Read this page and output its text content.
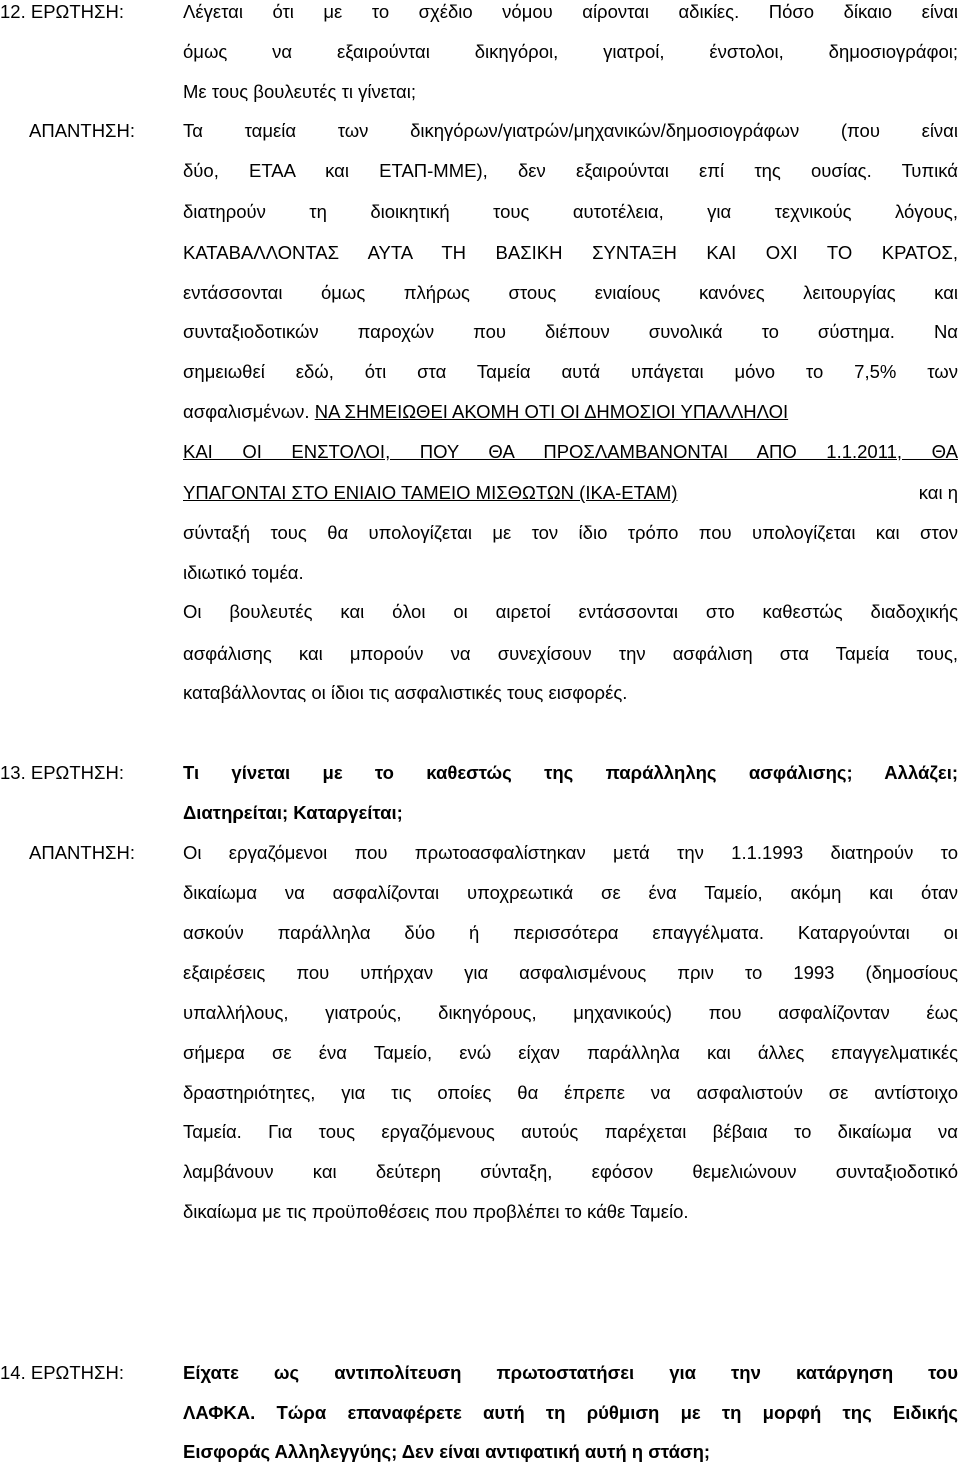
12. ΕΡΩΤΗΣΗ:	Λέγεται ότι με το σχέδιο νόμου αίρονται αδικίες. Πόσο δίκαιο είναι
όμως να εξαιρούνται δικηγόροι, γιατροί, ένστολοι, δημοσιογράφοι;
Με τους βουλευτές τι γίνεται;
ΑΠΑΝΤΗΣΗ:	Τα ταμεία των δικηγόρων/γιατρών/μηχανικών/δημοσιογράφων (που είναι
δύο, ΕΤΑΑ και ΕΤΑΠ-ΜΜΕ), δεν εξαιρούνται επί της ουσίας. Τυπικά
διατηρούν τη διοικητική τους αυτοτέλεια, για τεχνικούς λόγους,
ΚΑΤΑΒΑΛΛΟΝΤΑΣ ΑΥΤΑ ΤΗ ΒΑΣΙΚΗ ΣΥΝΤΑΞΗ ΚΑΙ ΟΧΙ ΤΟ ΚΡΑΤΟΣ,
εντάσσονται όμως πλήρως στους ενιαίους κανόνες λειτουργίας και
συνταξιοδοτικών παροχών που διέπουν συνολικά το σύστημα. Να
σημειωθεί εδώ, ότι στα Ταμεία αυτά υπάγεται μόνο το 7,5% των
ασφαλισμένων. ΝΑ ΣΗΜΕΙΩΘΕΙ ΑΚΟΜΗ ΟΤΙ ΟΙ ΔΗΜΟΣΙΟΙ ΥΠΑΛΛΗΛΟΙ
ΚΑΙ ΟΙ ΕΝΣΤΟΛΟΙ, ΠΟΥ ΘΑ ΠΡΟΣΛΑΜΒΑΝΟΝΤΑΙ ΑΠΟ 1.1.2011, ΘΑ
ΥΠΑΓΟΝΤΑΙ ΣΤΟ ΕΝΙΑΙΟ ΤΑΜΕΙΟ ΜΙΣΘΩΤΩΝ (ΙΚΑ-ΕΤΑΜ)	και η
σύνταξή τους θα υπολογίζεται με τον ίδιο τρόπο που υπολογίζεται και στον
ιδιωτικό τομέα.
Οι βουλευτές και όλοι οι αιρετοί εντάσσονται στο καθεστώς διαδοχικής
ασφάλισης και μπορούν να συνεχίσουν την ασφάλιση στα Ταμεία τους,
καταβάλλοντας οι ίδιοι τις ασφαλιστικές τους εισφορές.
13. ΕΡΩΤΗΣΗ:	Τι γίνεται με το καθεστώς της παράλληλης ασφάλισης; Αλλάζει;
Διατηρείται; Καταργείται;
ΑΠΑΝΤΗΣΗ:	Οι εργαζόμενοι που πρωτοασφαλίστηκαν μετά την 1.1.1993 διατηρούν το
δικαίωμα να ασφαλίζονται υποχρεωτικά σε ένα Ταμείο, ακόμη και όταν
ασκούν παράλληλα δύο ή περισσότερα επαγγέλματα. Καταργούνται οι
εξαιρέσεις που υπήρχαν για ασφαλισμένους πριν το 1993 (δημοσίους
υπαλλήλους, γιατρούς, δικηγόρους, μηχανικούς) που ασφαλίζονταν έως
σήμερα σε ένα Ταμείο, ενώ είχαν παράλληλα και άλλες επαγγελματικές
δραστηριότητες, για τις οποίες θα έπρεπε να ασφαλιστούν σε αντίστοιχο
Ταμεία. Για τους εργαζόμενους αυτούς παρέχεται βέβαια το δικαίωμα να
λαμβάνουν και δεύτερη σύνταξη, εφόσον θεμελιώνουν συνταξιοδοτικό
δικαίωμα με τις προϋποθέσεις που προβλέπει το κάθε Ταμείο.
14. ΕΡΩΤΗΣΗ:	Είχατε ως αντιπολίτευση πρωτοστατήσει για την κατάργηση του
ΛΑΦΚΑ. Τώρα επαναφέρετε αυτή τη ρύθμιση με τη μορφή της Ειδικής
Εισφοράς Αλληλεγγύης; Δεν είναι αντιφατική αυτή η στάση;
